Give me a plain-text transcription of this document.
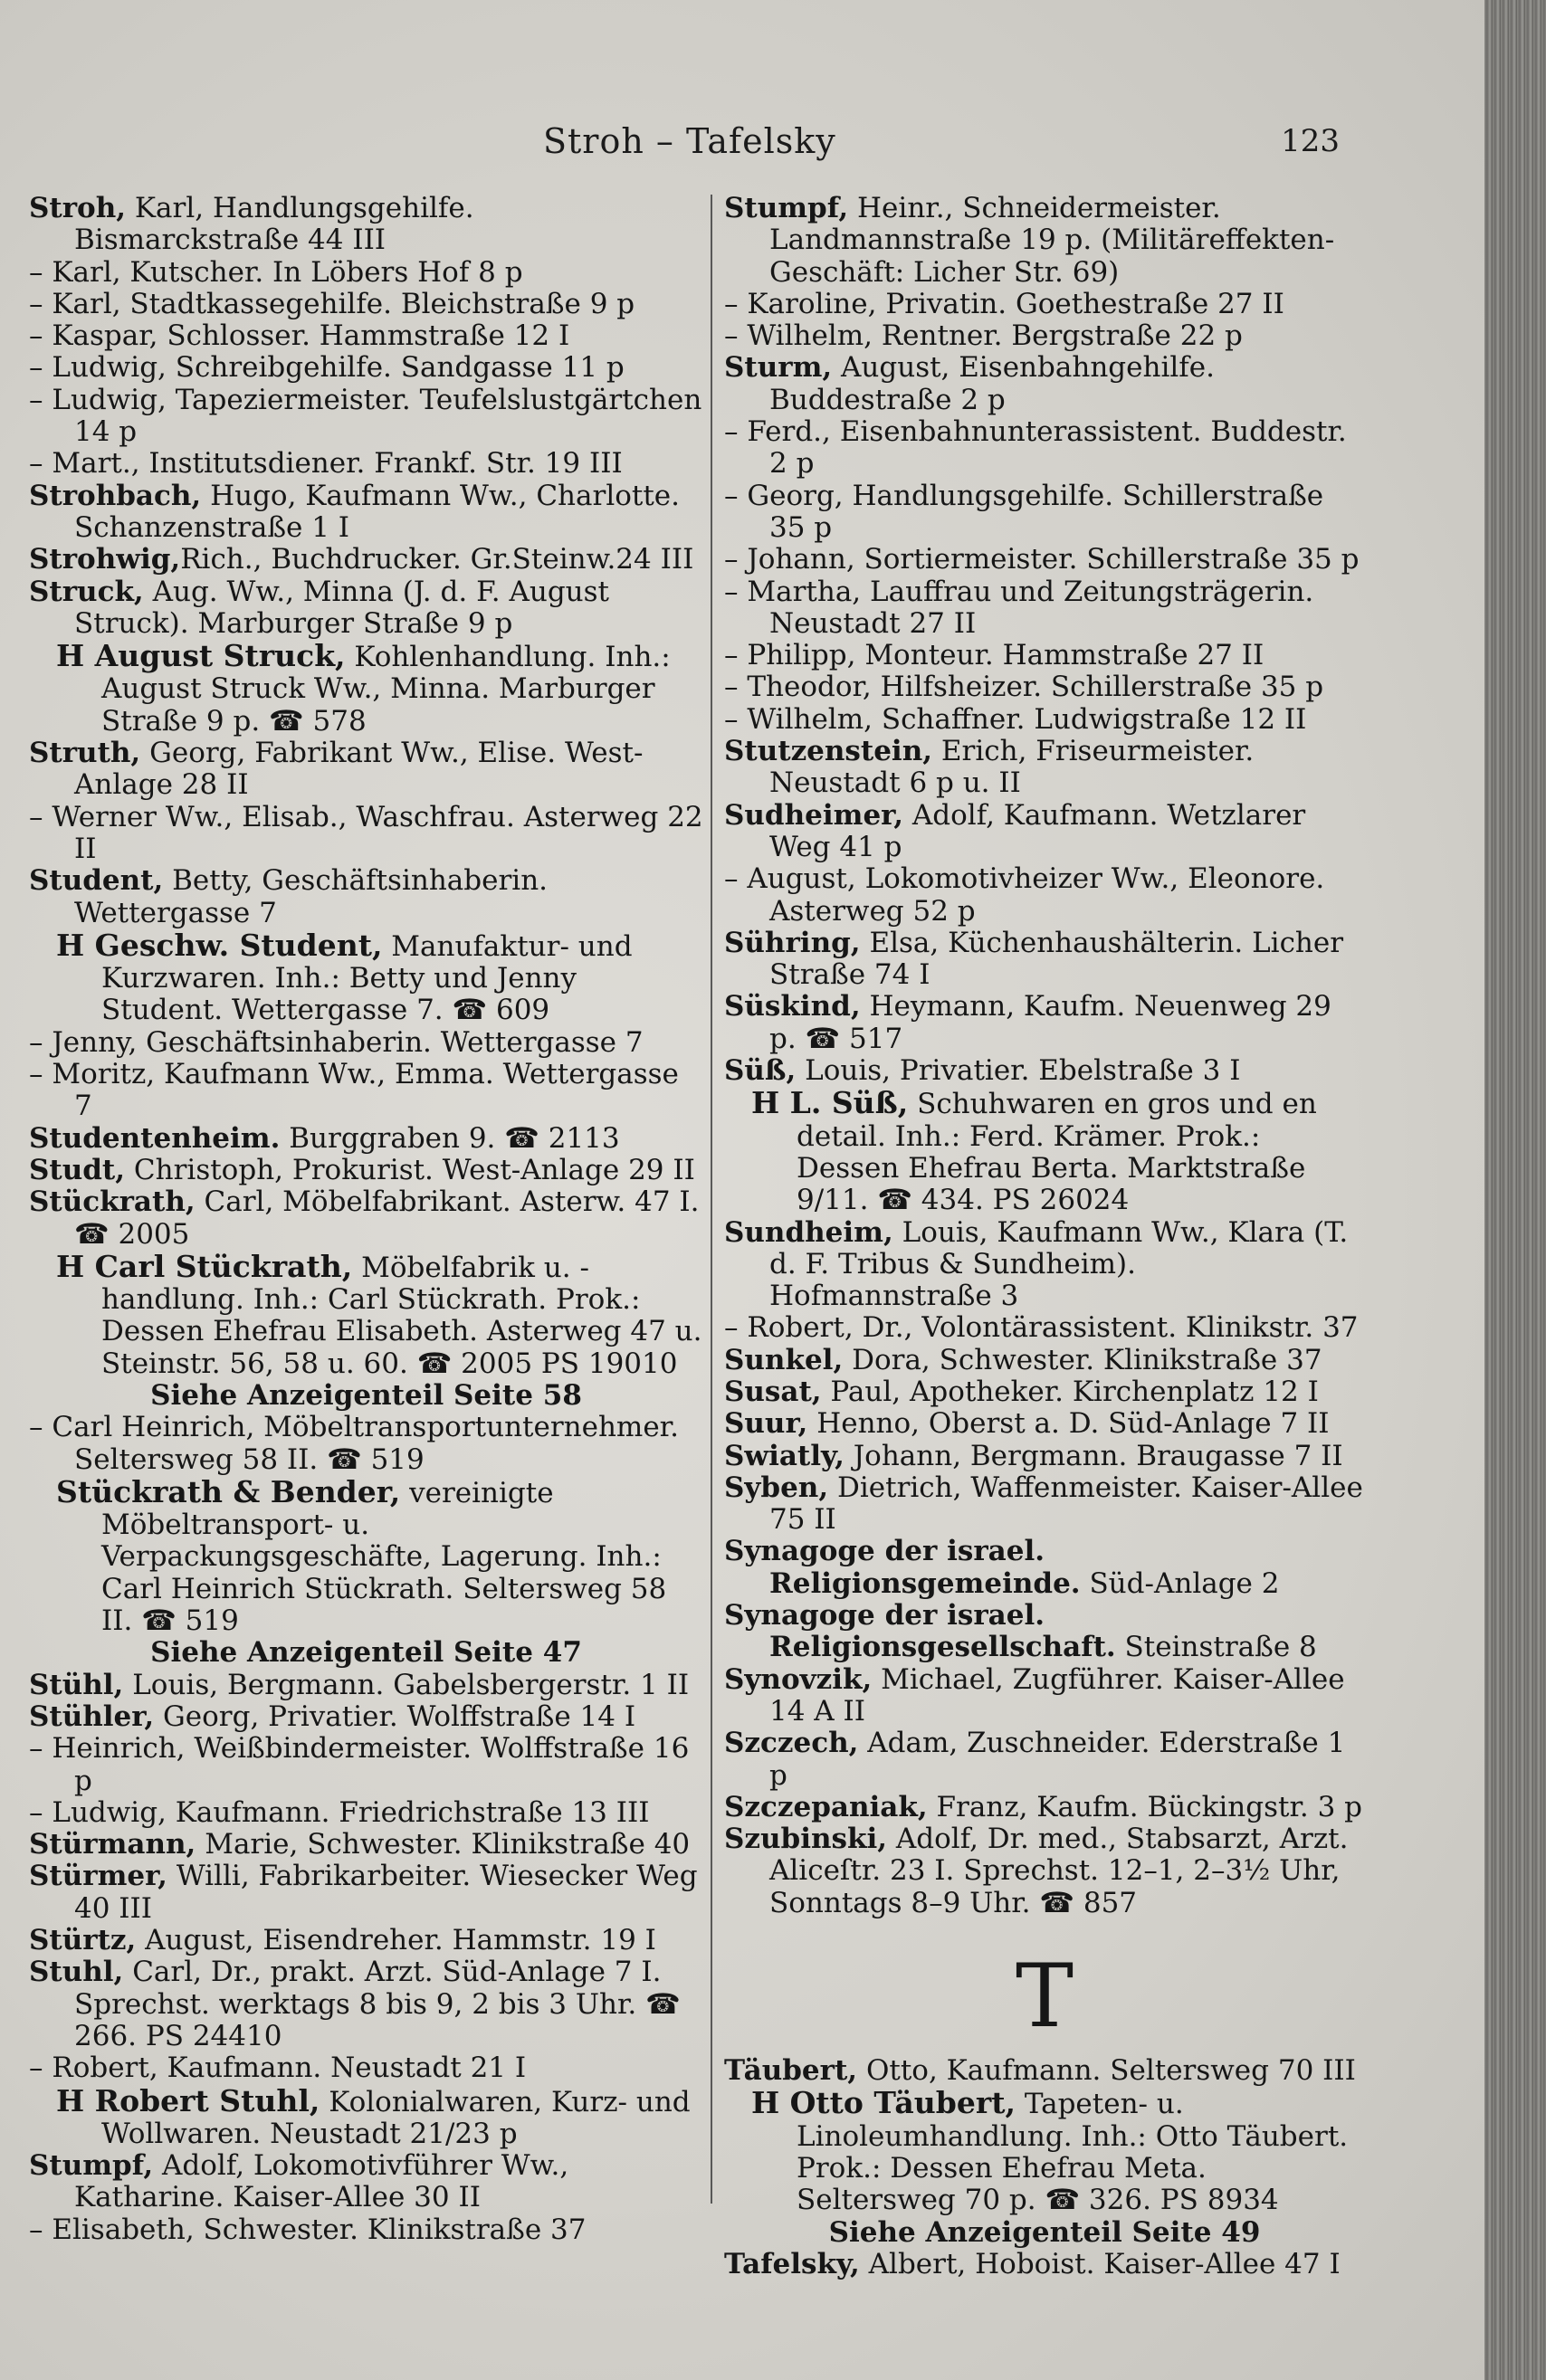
Stroh – Tafelsky	123
Stroh, Karl, Handlungsgehilfe. Bismarckstraße 44 III
– Karl, Kutscher. In Löbers Hof 8 p
– Karl, Stadtkassegehilfe. Bleichstraße 9 p
– Kaspar, Schlosser. Hammstraße 12 I
– Ludwig, Schreibgehilfe. Sandgasse 11 p
– Ludwig, Tapeziermeister. Teufelslustgärtchen 14 p
– Mart., Institutsdiener. Frankf. Str. 19 III
Strohbach, Hugo, Kaufmann Ww., Charlotte. Schanzenstraße 1 I
Strohwig,Rich., Buchdrucker. Gr.Steinw.24 III
Struck, Aug. Ww., Minna (J. d. F. August Struck). Marburger Straße 9 p
H August Struck, Kohlenhandlung. Inh.: August Struck Ww., Minna. Marburger Straße 9 p. ☎ 578
Struth, Georg, Fabrikant Ww., Elise. West-Anlage 28 II
– Werner Ww., Elisab., Waschfrau. Asterweg 22 II
Student, Betty, Geschäftsinhaberin. Wettergasse 7
H Geschw. Student, Manufaktur- und Kurzwaren. Inh.: Betty und Jenny Student. Wettergasse 7. ☎ 609
– Jenny, Geschäftsinhaberin. Wettergasse 7
– Moritz, Kaufmann Ww., Emma. Wettergasse 7
Studentenheim. Burggraben 9. ☎ 2113
Studt, Christoph, Prokurist. West-Anlage 29 II
Stückrath, Carl, Möbelfabrikant. Asterw. 47 I. ☎ 2005
H Carl Stückrath, Möbelfabrik u. -handlung. Inh.: Carl Stückrath. Prok.: Dessen Ehefrau Elisabeth. Asterweg 47 u. Steinstr. 56, 58 u. 60. ☎ 2005 PS 19010
Siehe Anzeigenteil Seite 58
– Carl Heinrich, Möbeltransportunternehmer. Seltersweg 58 II. ☎ 519
Stückrath & Bender, vereinigte Möbeltransport- u. Verpackungsgeschäfte, Lagerung. Inh.: Carl Heinrich Stückrath. Seltersweg 58 II. ☎ 519
Siehe Anzeigenteil Seite 47
Stühl, Louis, Bergmann. Gabelsbergerstr. 1 II
Stühler, Georg, Privatier. Wolffstraße 14 I
– Heinrich, Weißbindermeister. Wolffstraße 16 p
– Ludwig, Kaufmann. Friedrichstraße 13 III
Stürmann, Marie, Schwester. Klinikstraße 40
Stürmer, Willi, Fabrikarbeiter. Wiesecker Weg 40 III
Stürtz, August, Eisendreher. Hammstr. 19 I
Stuhl, Carl, Dr., prakt. Arzt. Süd-Anlage 7 I. Sprechst. werktags 8 bis 9, 2 bis 3 Uhr. ☎ 266. PS 24410
– Robert, Kaufmann. Neustadt 21 I
H Robert Stuhl, Kolonialwaren, Kurz- und Wollwaren. Neustadt 21/23 p
Stumpf, Adolf, Lokomotivführer Ww., Katharine. Kaiser-Allee 30 II
– Elisabeth, Schwester. Klinikstraße 37
Stumpf, Heinr., Schneidermeister. Landmannstraße 19 p. (Militäreffekten-Geschäft: Licher Str. 69)
– Karoline, Privatin. Goethestraße 27 II
– Wilhelm, Rentner. Bergstraße 22 p
Sturm, August, Eisenbahngehilfe. Buddestraße 2 p
– Ferd., Eisenbahnunterassistent. Buddestr. 2 p
– Georg, Handlungsgehilfe. Schillerstraße 35 p
– Johann, Sortiermeister. Schillerstraße 35 p
– Martha, Lauffrau und Zeitungsträgerin. Neustadt 27 II
– Philipp, Monteur. Hammstraße 27 II
– Theodor, Hilfsheizer. Schillerstraße 35 p
– Wilhelm, Schaffner. Ludwigstraße 12 II
Stutzenstein, Erich, Friseurmeister. Neustadt 6 p u. II
Sudheimer, Adolf, Kaufmann. Wetzlarer Weg 41 p
– August, Lokomotivheizer Ww., Eleonore. Asterweg 52 p
Sühring, Elsa, Küchenhaushälterin. Licher Straße 74 I
Süskind, Heymann, Kaufm. Neuenweg 29 p. ☎ 517
Süß, Louis, Privatier. Ebelstraße 3 I
H L. Süß, Schuhwaren en gros und en detail. Inh.: Ferd. Krämer. Prok.: Dessen Ehefrau Berta. Marktstraße 9/11. ☎ 434. PS 26024
Sundheim, Louis, Kaufmann Ww., Klara (T. d. F. Tribus & Sundheim). Hofmannstraße 3
– Robert, Dr., Volontärassistent. Klinikstr. 37
Sunkel, Dora, Schwester. Klinikstraße 37
Susat, Paul, Apotheker. Kirchenplatz 12 I
Suur, Henno, Oberst a. D. Süd-Anlage 7 II
Swiatly, Johann, Bergmann. Braugasse 7 II
Syben, Dietrich, Waffenmeister. Kaiser-Allee 75 II
Synagoge der israel. Religionsgemeinde. Süd-Anlage 2
Synagoge der israel. Religionsgesellschaft. Steinstraße 8
Synovzik, Michael, Zugführer. Kaiser-Allee 14 A II
Szczech, Adam, Zuschneider. Ederstraße 1 p
Szczepaniak, Franz, Kaufm. Bückingstr. 3 p
Szubinski, Adolf, Dr. med., Stabsarzt, Arzt. Aliceſtr. 23 I. Sprechst. 12–1, 2–3½ Uhr, Sonntags 8–9 Uhr. ☎ 857
T
Täubert, Otto, Kaufmann. Seltersweg 70 III
H Otto Täubert, Tapeten- u. Linoleumhandlung. Inh.: Otto Täubert. Prok.: Dessen Ehefrau Meta. Seltersweg 70 p. ☎ 326. PS 8934
Siehe Anzeigenteil Seite 49
Tafelsky, Albert, Hoboist. Kaiser-Allee 47 I
